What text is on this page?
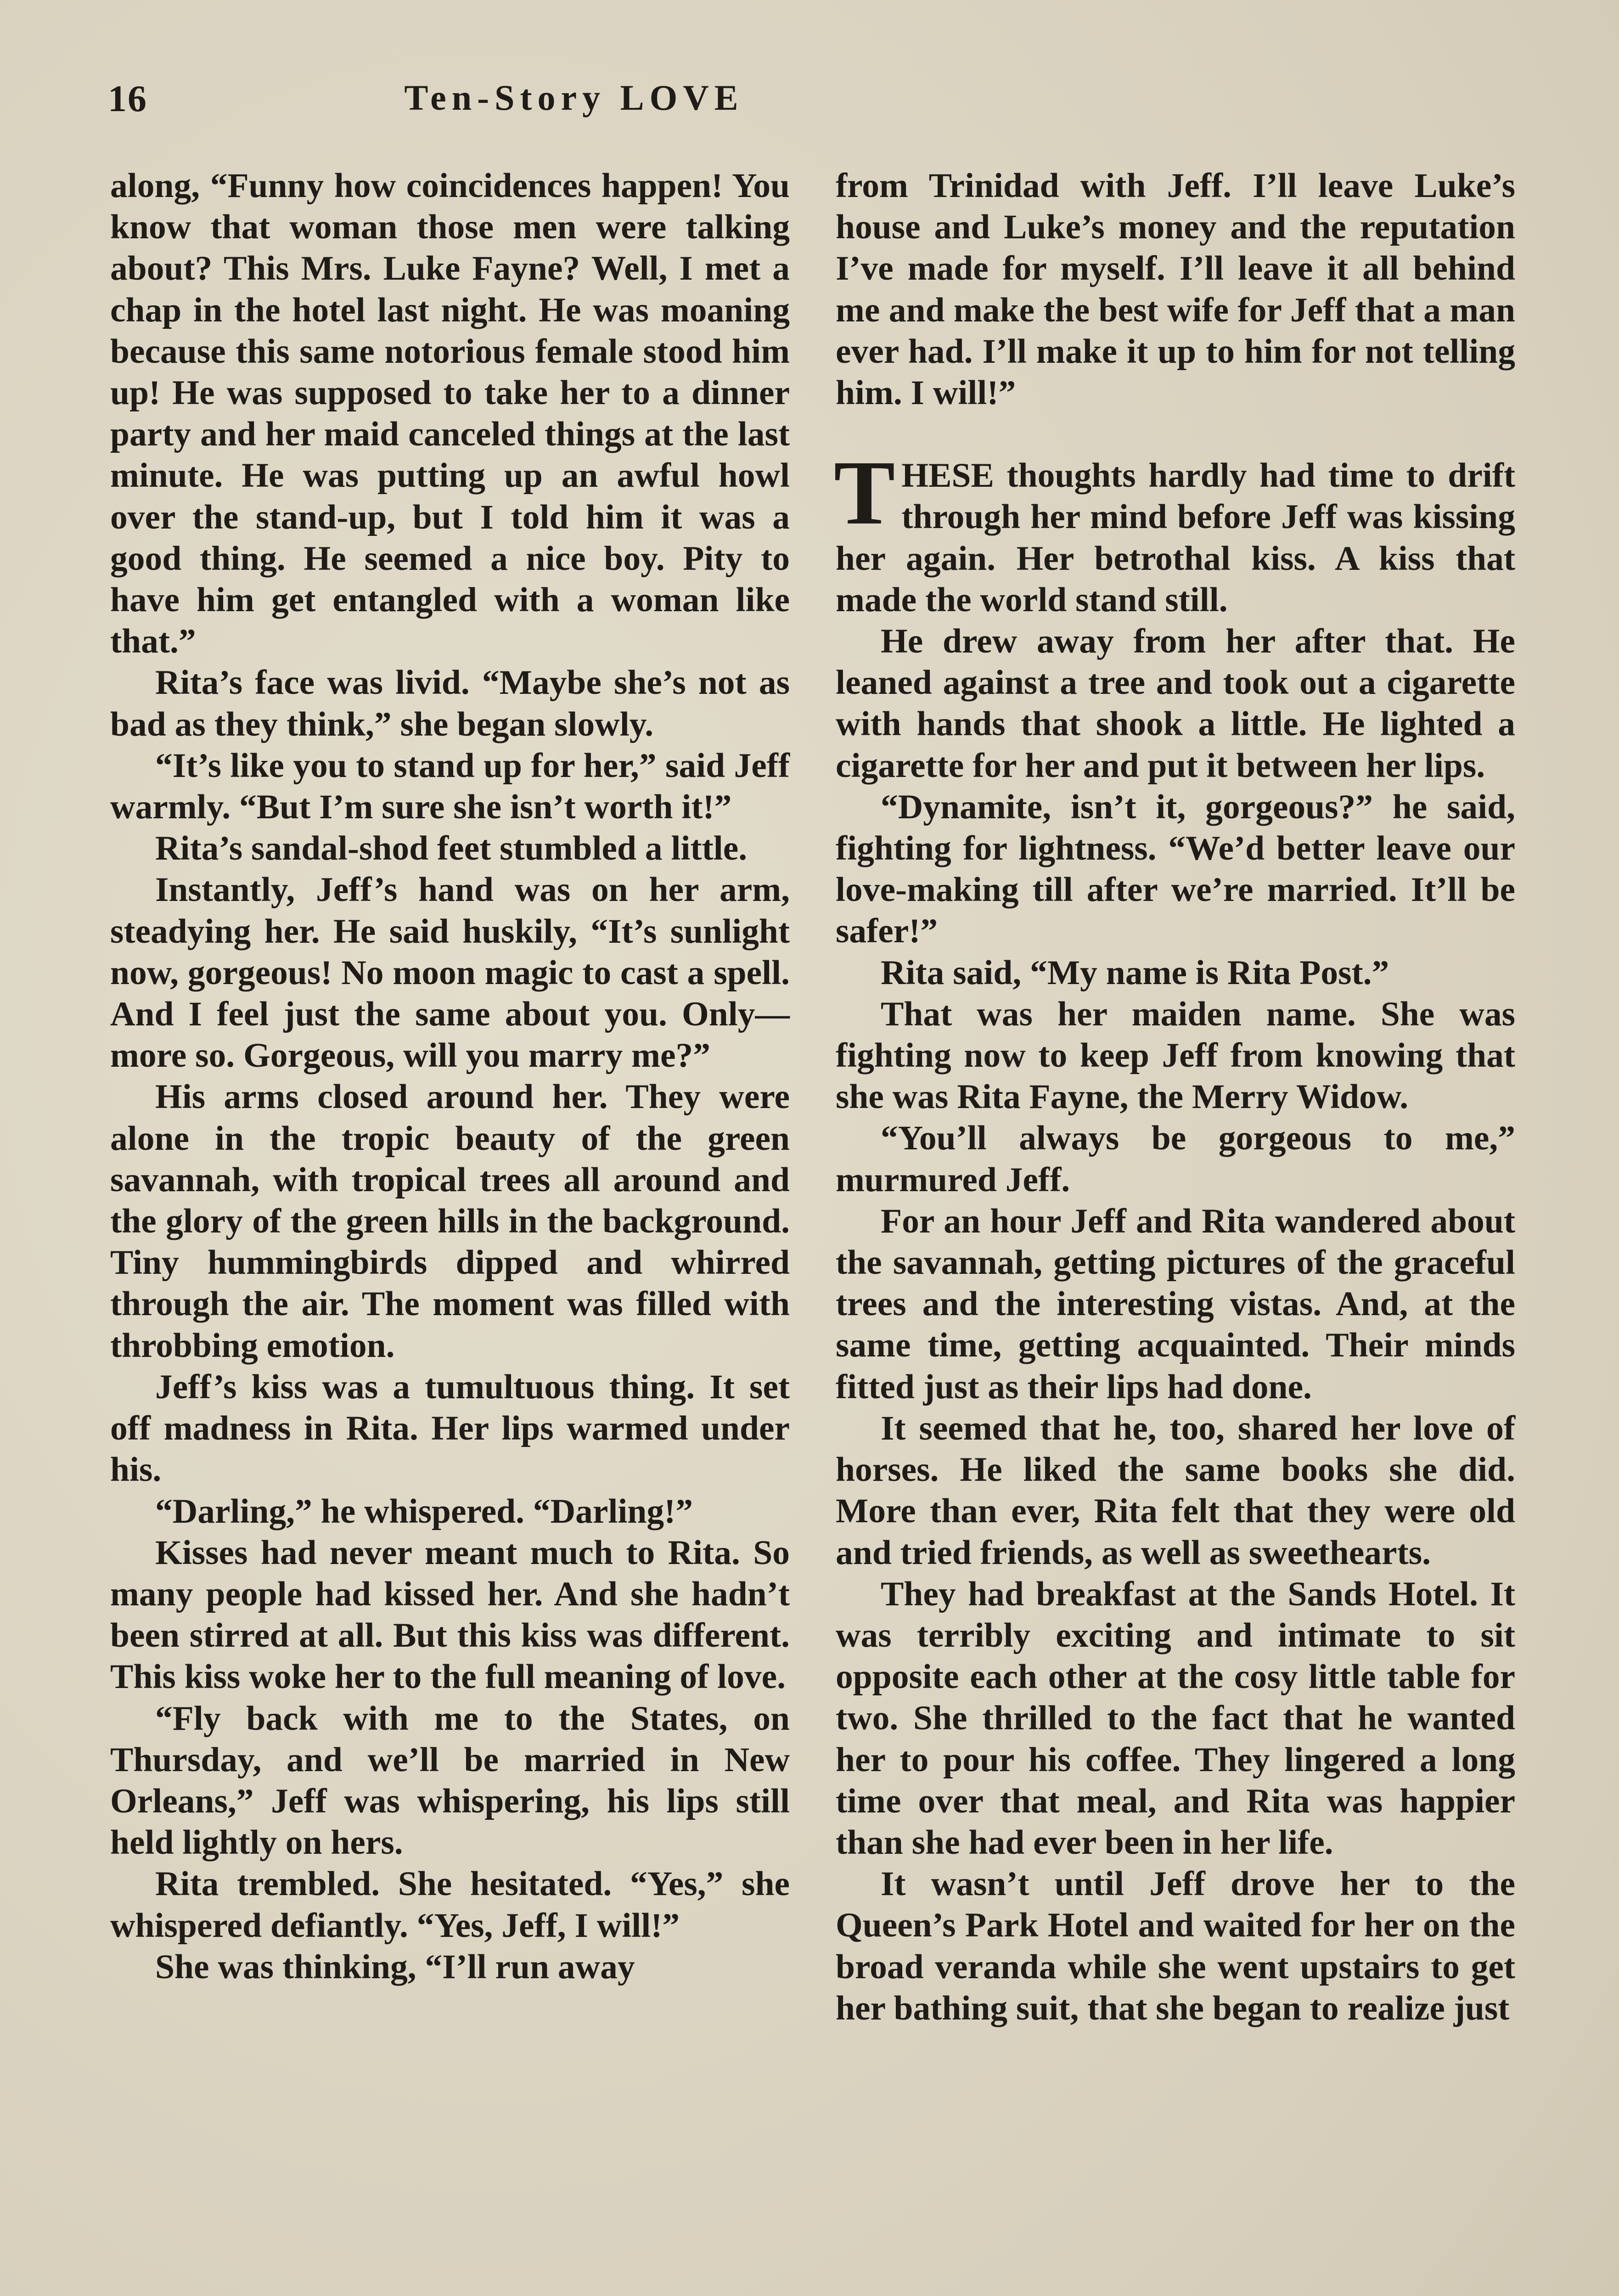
16	Ten-Story LOVE

along, “Funny how coincidences happen! You know that woman those men were talking about? This Mrs. Luke Fayne? Well, I met a chap in the hotel last night. He was moaning because this same notorious female stood him up! He was supposed to take her to a dinner party and her maid canceled things at the last minute. He was putting up an awful howl over the stand-up, but I told him it was a good thing. He seemed a nice boy. Pity to have him get entangled with a woman like that.”

Rita’s face was livid. “Maybe she’s not as bad as they think,” she began slowly.

“It’s like you to stand up for her,” said Jeff warmly. “But I’m sure she isn’t worth it!”

Rita’s sandal-shod feet stumbled a little.

Instantly, Jeff’s hand was on her arm, steadying her. He said huskily, “It’s sunlight now, gorgeous! No moon magic to cast a spell. And I feel just the same about you. Only—more so. Gorgeous, will you marry me?”

His arms closed around her. They were alone in the tropic beauty of the green savannah, with tropical trees all around and the glory of the green hills in the background. Tiny hummingbirds dipped and whirred through the air. The moment was filled with throbbing emotion.

Jeff’s kiss was a tumultuous thing. It set off madness in Rita. Her lips warmed under his.

“Darling,” he whispered. “Darling!”

Kisses had never meant much to Rita. So many people had kissed her. And she hadn’t been stirred at all. But this kiss was different. This kiss woke her to the full meaning of love.

“Fly back with me to the States, on Thursday, and we’ll be married in New Orleans,” Jeff was whispering, his lips still held lightly on hers.

Rita trembled. She hesitated. “Yes,” she whispered defiantly. “Yes, Jeff, I will!”

She was thinking, “I’ll run away

from Trinidad with Jeff. I’ll leave Luke’s house and Luke’s money and the reputation I’ve made for myself. I’ll leave it all behind me and make the best wife for Jeff that a man ever had. I’ll make it up to him for not telling him. I will!”

THESE thoughts hardly had time to drift through her mind before Jeff was kissing her again. Her betrothal kiss. A kiss that made the world stand still.

He drew away from her after that. He leaned against a tree and took out a cigarette with hands that shook a little. He lighted a cigarette for her and put it between her lips.

“Dynamite, isn’t it, gorgeous?” he said, fighting for lightness. “We’d better leave our love-making till after we’re married. It’ll be safer!”

Rita said, “My name is Rita Post.”

That was her maiden name. She was fighting now to keep Jeff from knowing that she was Rita Fayne, the Merry Widow.

“You’ll always be gorgeous to me,” murmured Jeff.

For an hour Jeff and Rita wandered about the savannah, getting pictures of the graceful trees and the interesting vistas. And, at the same time, getting acquainted. Their minds fitted just as their lips had done.

It seemed that he, too, shared her love of horses. He liked the same books she did. More than ever, Rita felt that they were old and tried friends, as well as sweethearts.

They had breakfast at the Sands Hotel. It was terribly exciting and intimate to sit opposite each other at the cosy little table for two. She thrilled to the fact that he wanted her to pour his coffee. They lingered a long time over that meal, and Rita was happier than she had ever been in her life.

It wasn’t until Jeff drove her to the Queen’s Park Hotel and waited for her on the broad veranda while she went upstairs to get her bathing suit, that she began to realize just
